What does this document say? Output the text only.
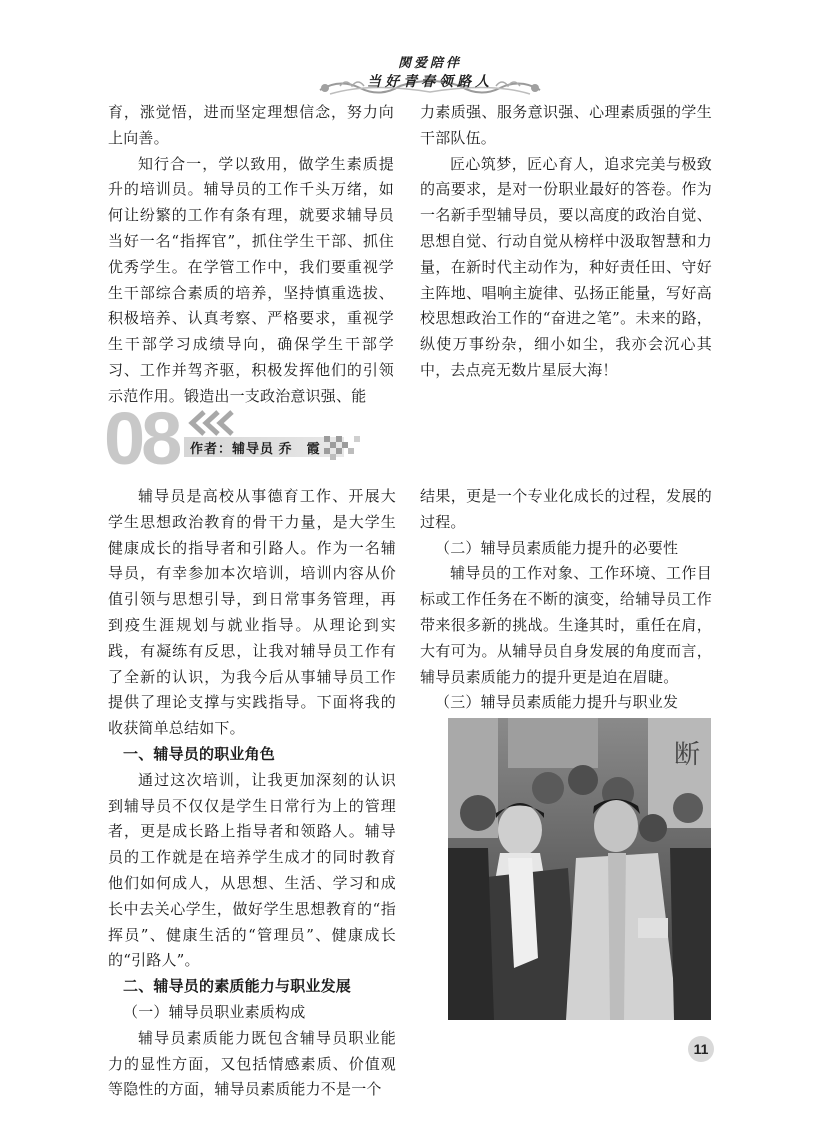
関爱陪伴
当好青春领路人

育，涨觉悟，进而坚定理想信念，努力向上向善。

知行合一，学以致用，做学生素质提升的培训员。辅导员的工作千头万绪，如何让纷繁的工作有条有理，就要求辅导员当好一名“指挥官”，抓住学生干部、抓住优秀学生。在学管工作中，我们要重视学生干部综合素质的培养，坚持慎重选拔、积极培养、认真考察、严格要求，重视学生干部学习成绩导向，确保学生干部学习、工作并驾齐驱，积极发挥他们的引领示范作用。锻造出一支政治意识强、能

力素质强、服务意识强、心理素质强的学生干部队伍。

匠心筑梦，匠心育人，追求完美与极致的高要求，是对一份职业最好的答卷。作为一名新手型辅导员，要以高度的政治自觉、思想自觉、行动自觉从榜样中汲取智慧和力量，在新时代主动作为，种好责任田、守好主阵地、唱响主旋律、弘扬正能量，写好高校思想政治工作的“奋进之笔”。未来的路，纵使万事纷杂，细小如尘，我亦会沉心其中，去点亮无数片星辰大海！

08 作者：辅导员 乔　霞

辅导员是高校从事德育工作、开展大学生思想政治教育的骨干力量，是大学生健康成长的指导者和引路人。作为一名辅导员，有幸参加本次培训，培训内容从价值引领与思想引导，到日常事务管理，再到疫生涯规划与就业指导。从理论到实践，有凝练有反思，让我对辅导员工作有了全新的认识，为我今后从事辅导员工作提供了理论支撑与实践指导。下面将我的收获简单总结如下。

一、辅导员的职业角色

通过这次培训，让我更加深刻的认识到辅导员不仅仅是学生日常行为上的管理者，更是成长路上指导者和领路人。辅导员的工作就是在培养学生成才的同时教育他们如何成人，从思想、生活、学习和成长中去关心学生，做好学生思想教育的“指挥员”、健康生活的“管理员”、健康成长的“引路人”。

二、辅导员的素质能力与职业发展
（一）辅导员职业素质构成

辅导员素质能力既包含辅导员职业能力的显性方面，又包括情感素质、价值观等隐性的方面，辅导员素质能力不是一个

结果，更是一个专业化成长的过程，发展的过程。

（二）辅导员素质能力提升的必要性

辅导员的工作对象、工作环境、工作目标或工作任务在不断的演变，给辅导员工作带来很多新的挑战。生逢其时，重任在肩，大有可为。从辅导员自身发展的角度而言，辅导员素质能力的提升更是迫在眉睫。

（三）辅导员素质能力提升与职业发
断
11
